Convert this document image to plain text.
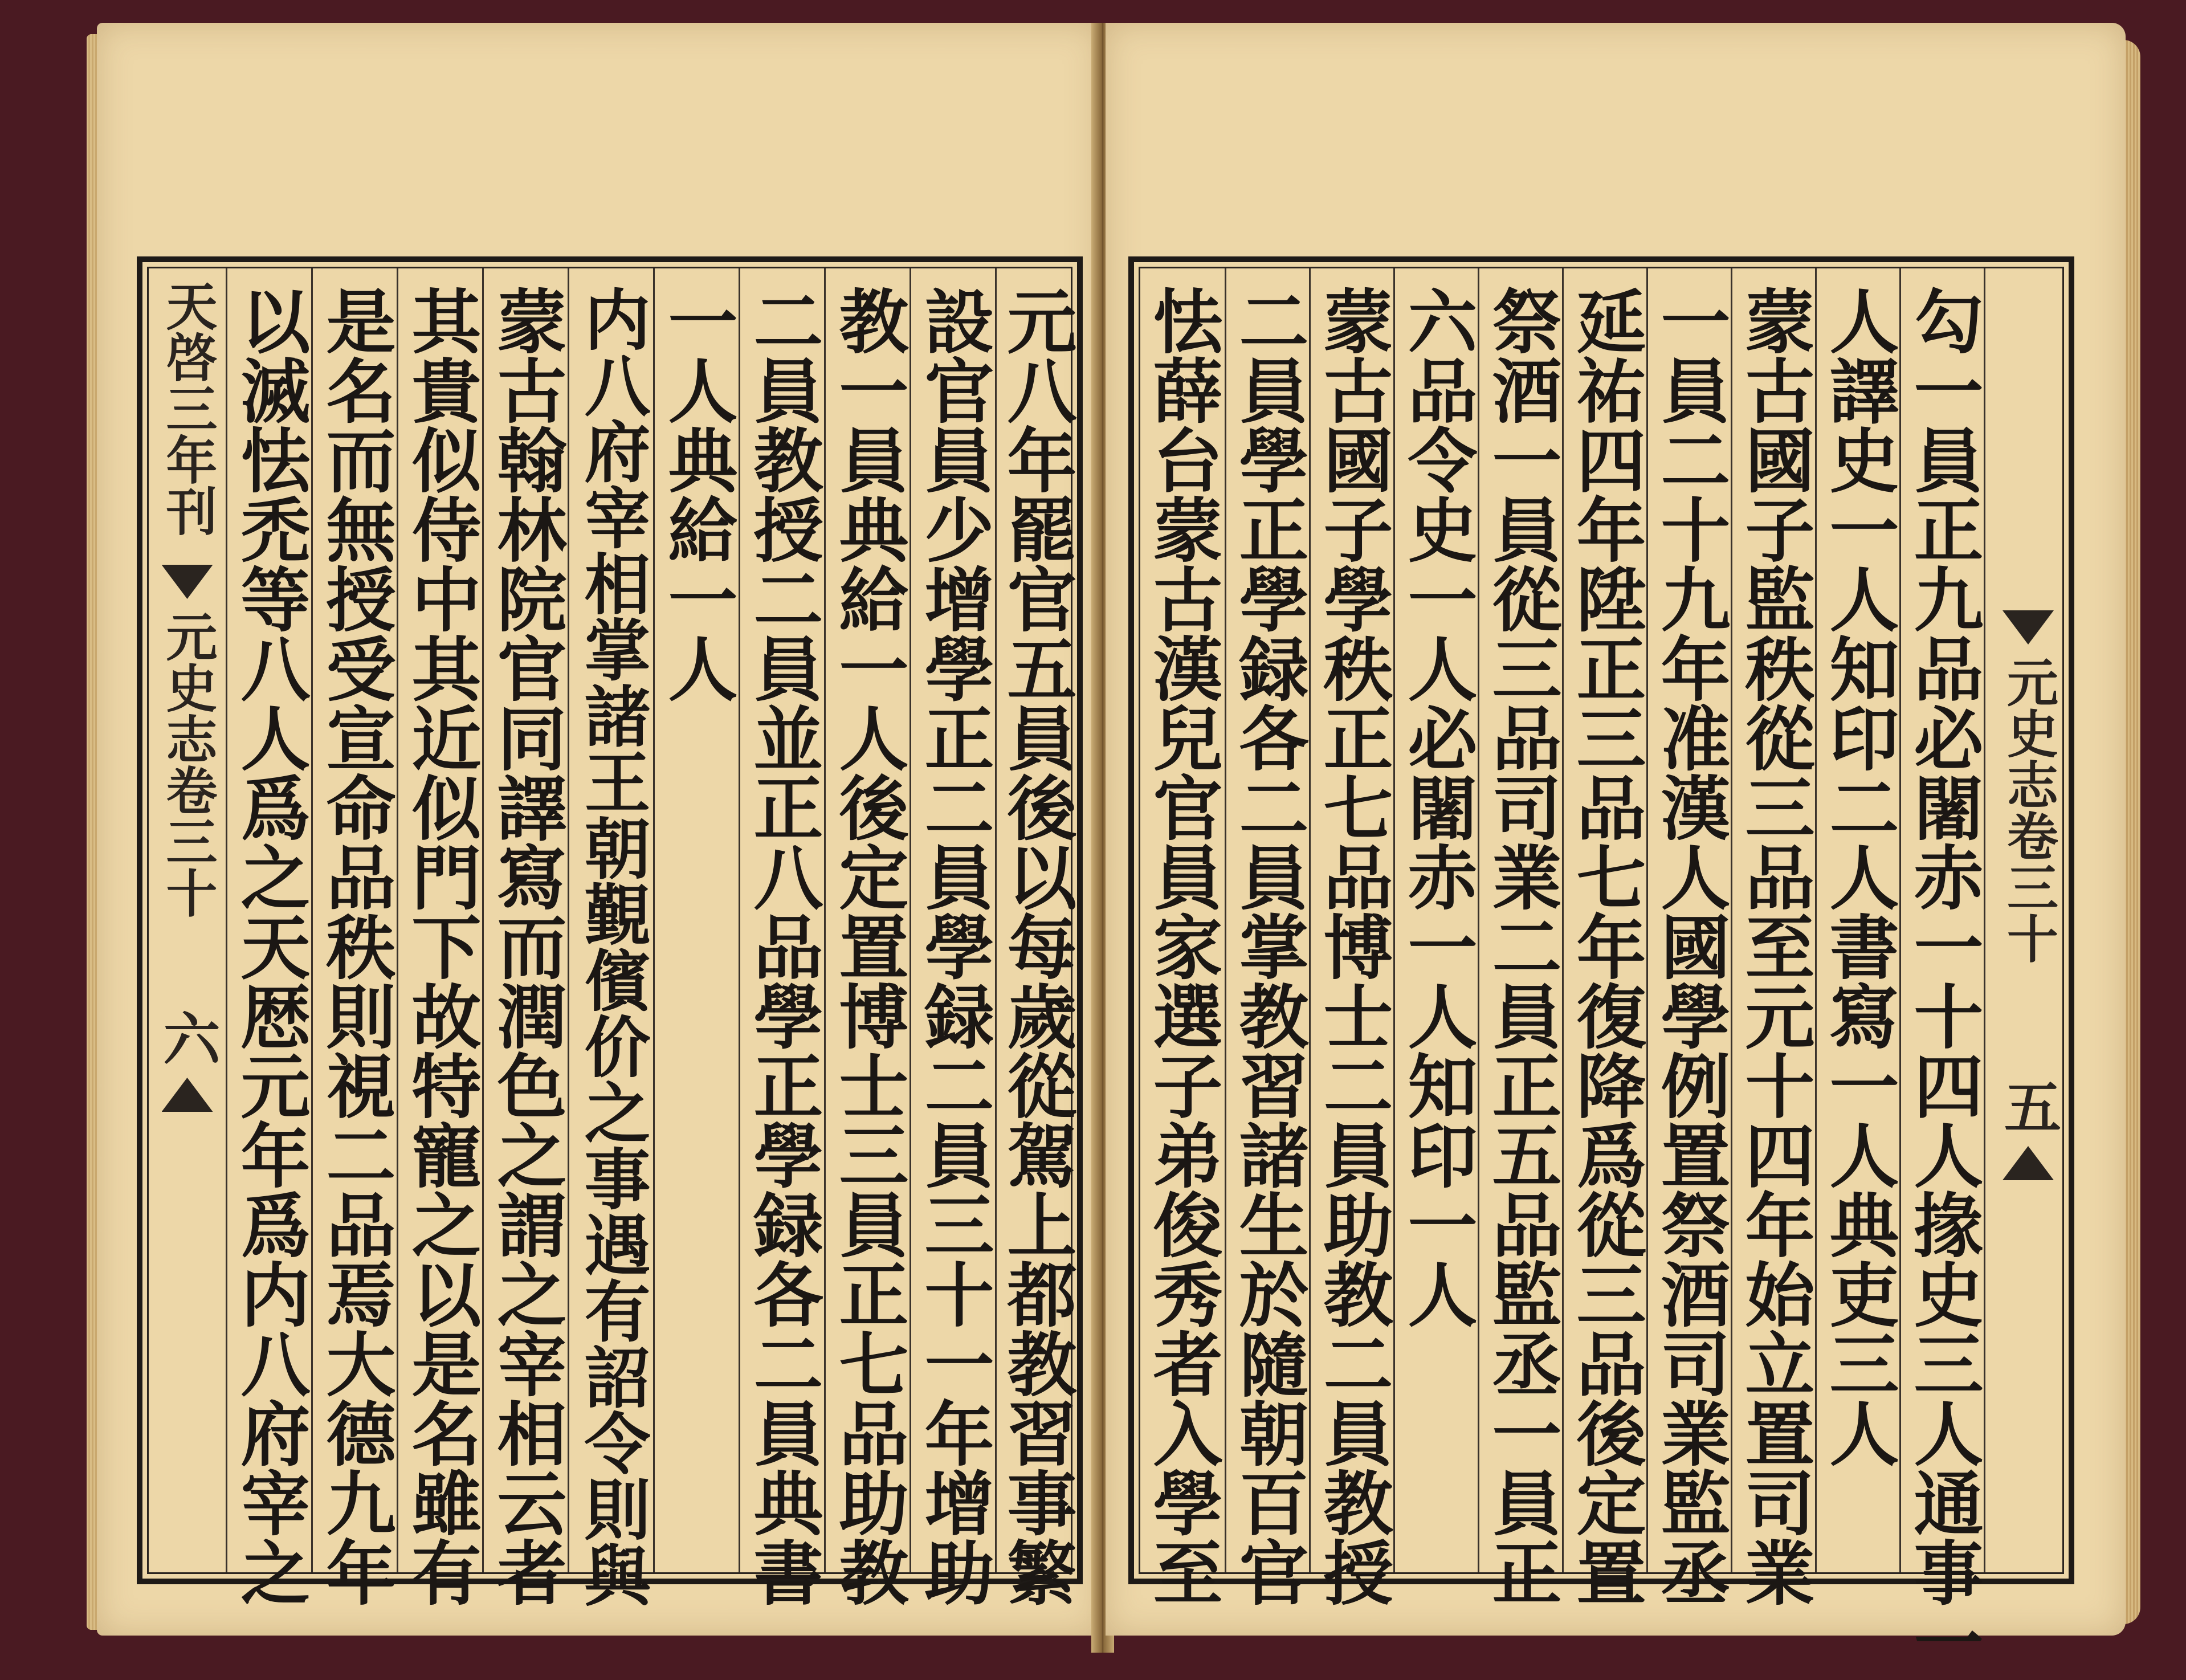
天啓三年刊
元史志卷三十
六 以滅怯禿等八人爲之天厯元年爲内八府宰之 是名而無授受宣命品秩則視二品焉大德九年 其貴似侍中其近似門下故特寵之以是名雖有 蒙古翰林院官同譯寫而潤色之謂之宰相云者 内八府宰相掌諸王朝覲儐价之事遇有詔令則與 一人典給一人 二員教授二員並正八品學正學録各二員典書 教一員典給一人後定置博士三員正七品助教 設官員少增學正二員學録二員三十一年增助 元八年罷官五員後以每歲從駕上都教習事繁 怯薛台蒙古漢兒官員家選子弟俊秀者入學至 二員學正學録各二員掌教習諸生於隨朝百官 蒙古國子學秩正七品博士二員助教二員教授 六品令史一人必闍赤一人知印一人 祭酒一員從三品司業二員正五品監丞一員正 延祐四年陞正三品七年復降爲從三品後定置 一員二十九年准漢人國學例置祭酒司業監丞 蒙古國子監秩從三品至元十四年始立置司業 人譯史一人知印二人書寫一人典吏三人 勾一員正九品必闍赤一十四人掾史三人通事一 元史志卷三十
五
